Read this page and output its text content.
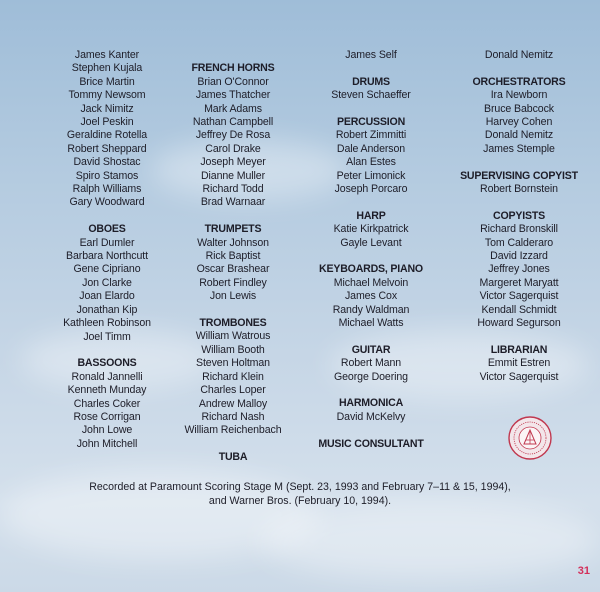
James Kanter
Stephen Kujala
Brice Martin
Tommy Newsom
Jack Nimitz
Joel Peskin
Geraldine Rotella
Robert Sheppard
David Shostac
Spiro Stamos
Ralph Williams
Gary Woodward
OBOES
Earl Dumler
Barbara Northcutt
Gene Cipriano
Jon Clarke
Joan Elardo
Jonathan Kip
Kathleen Robinson
Joel Timm
BASSOONS
Ronald Jannelli
Kenneth Munday
Charles Coker
Rose Corrigan
John Lowe
John Mitchell
FRENCH HORNS
Brian O'Connor
James Thatcher
Mark Adams
Nathan Campbell
Jeffrey De Rosa
Carol Drake
Joseph Meyer
Dianne Muller
Richard Todd
Brad Warnaar
TRUMPETS
Walter Johnson
Rick Baptist
Oscar Brashear
Robert Findley
Jon Lewis
TROMBONES
William Watrous
William Booth
Steven Holtman
Richard Klein
Charles Loper
Andrew Malloy
Richard Nash
William Reichenbach
TUBA
James Self
DRUMS
Steven Schaeffer
PERCUSSION
Robert Zimmitti
Dale Anderson
Alan Estes
Peter Limonick
Joseph Porcaro
HARP
Katie Kirkpatrick
Gayle Levant
KEYBOARDS, PIANO
Michael Melvoin
James Cox
Randy Waldman
Michael Watts
GUITAR
Robert Mann
George Doering
HARMONICA
David McKelvy
MUSIC CONSULTANT
Donald Nemitz
ORCHESTRATORS
Ira Newborn
Bruce Babcock
Harvey Cohen
Donald Nemitz
James Stemple
SUPERVISING COPYIST
Robert Bornstein
COPYISTS
Richard Bronskill
Tom Calderaro
David Izzard
Jeffrey Jones
Margeret Maryatt
Victor Sagerquist
Kendall Schmidt
Howard Segurson
LIBRARIAN
Emmit Estren
Victor Sagerquist
Recorded at Paramount Scoring Stage M (Sept. 23, 1993 and February 7–11 & 15, 1994),
and Warner Bros. (February 10, 1994).
31
